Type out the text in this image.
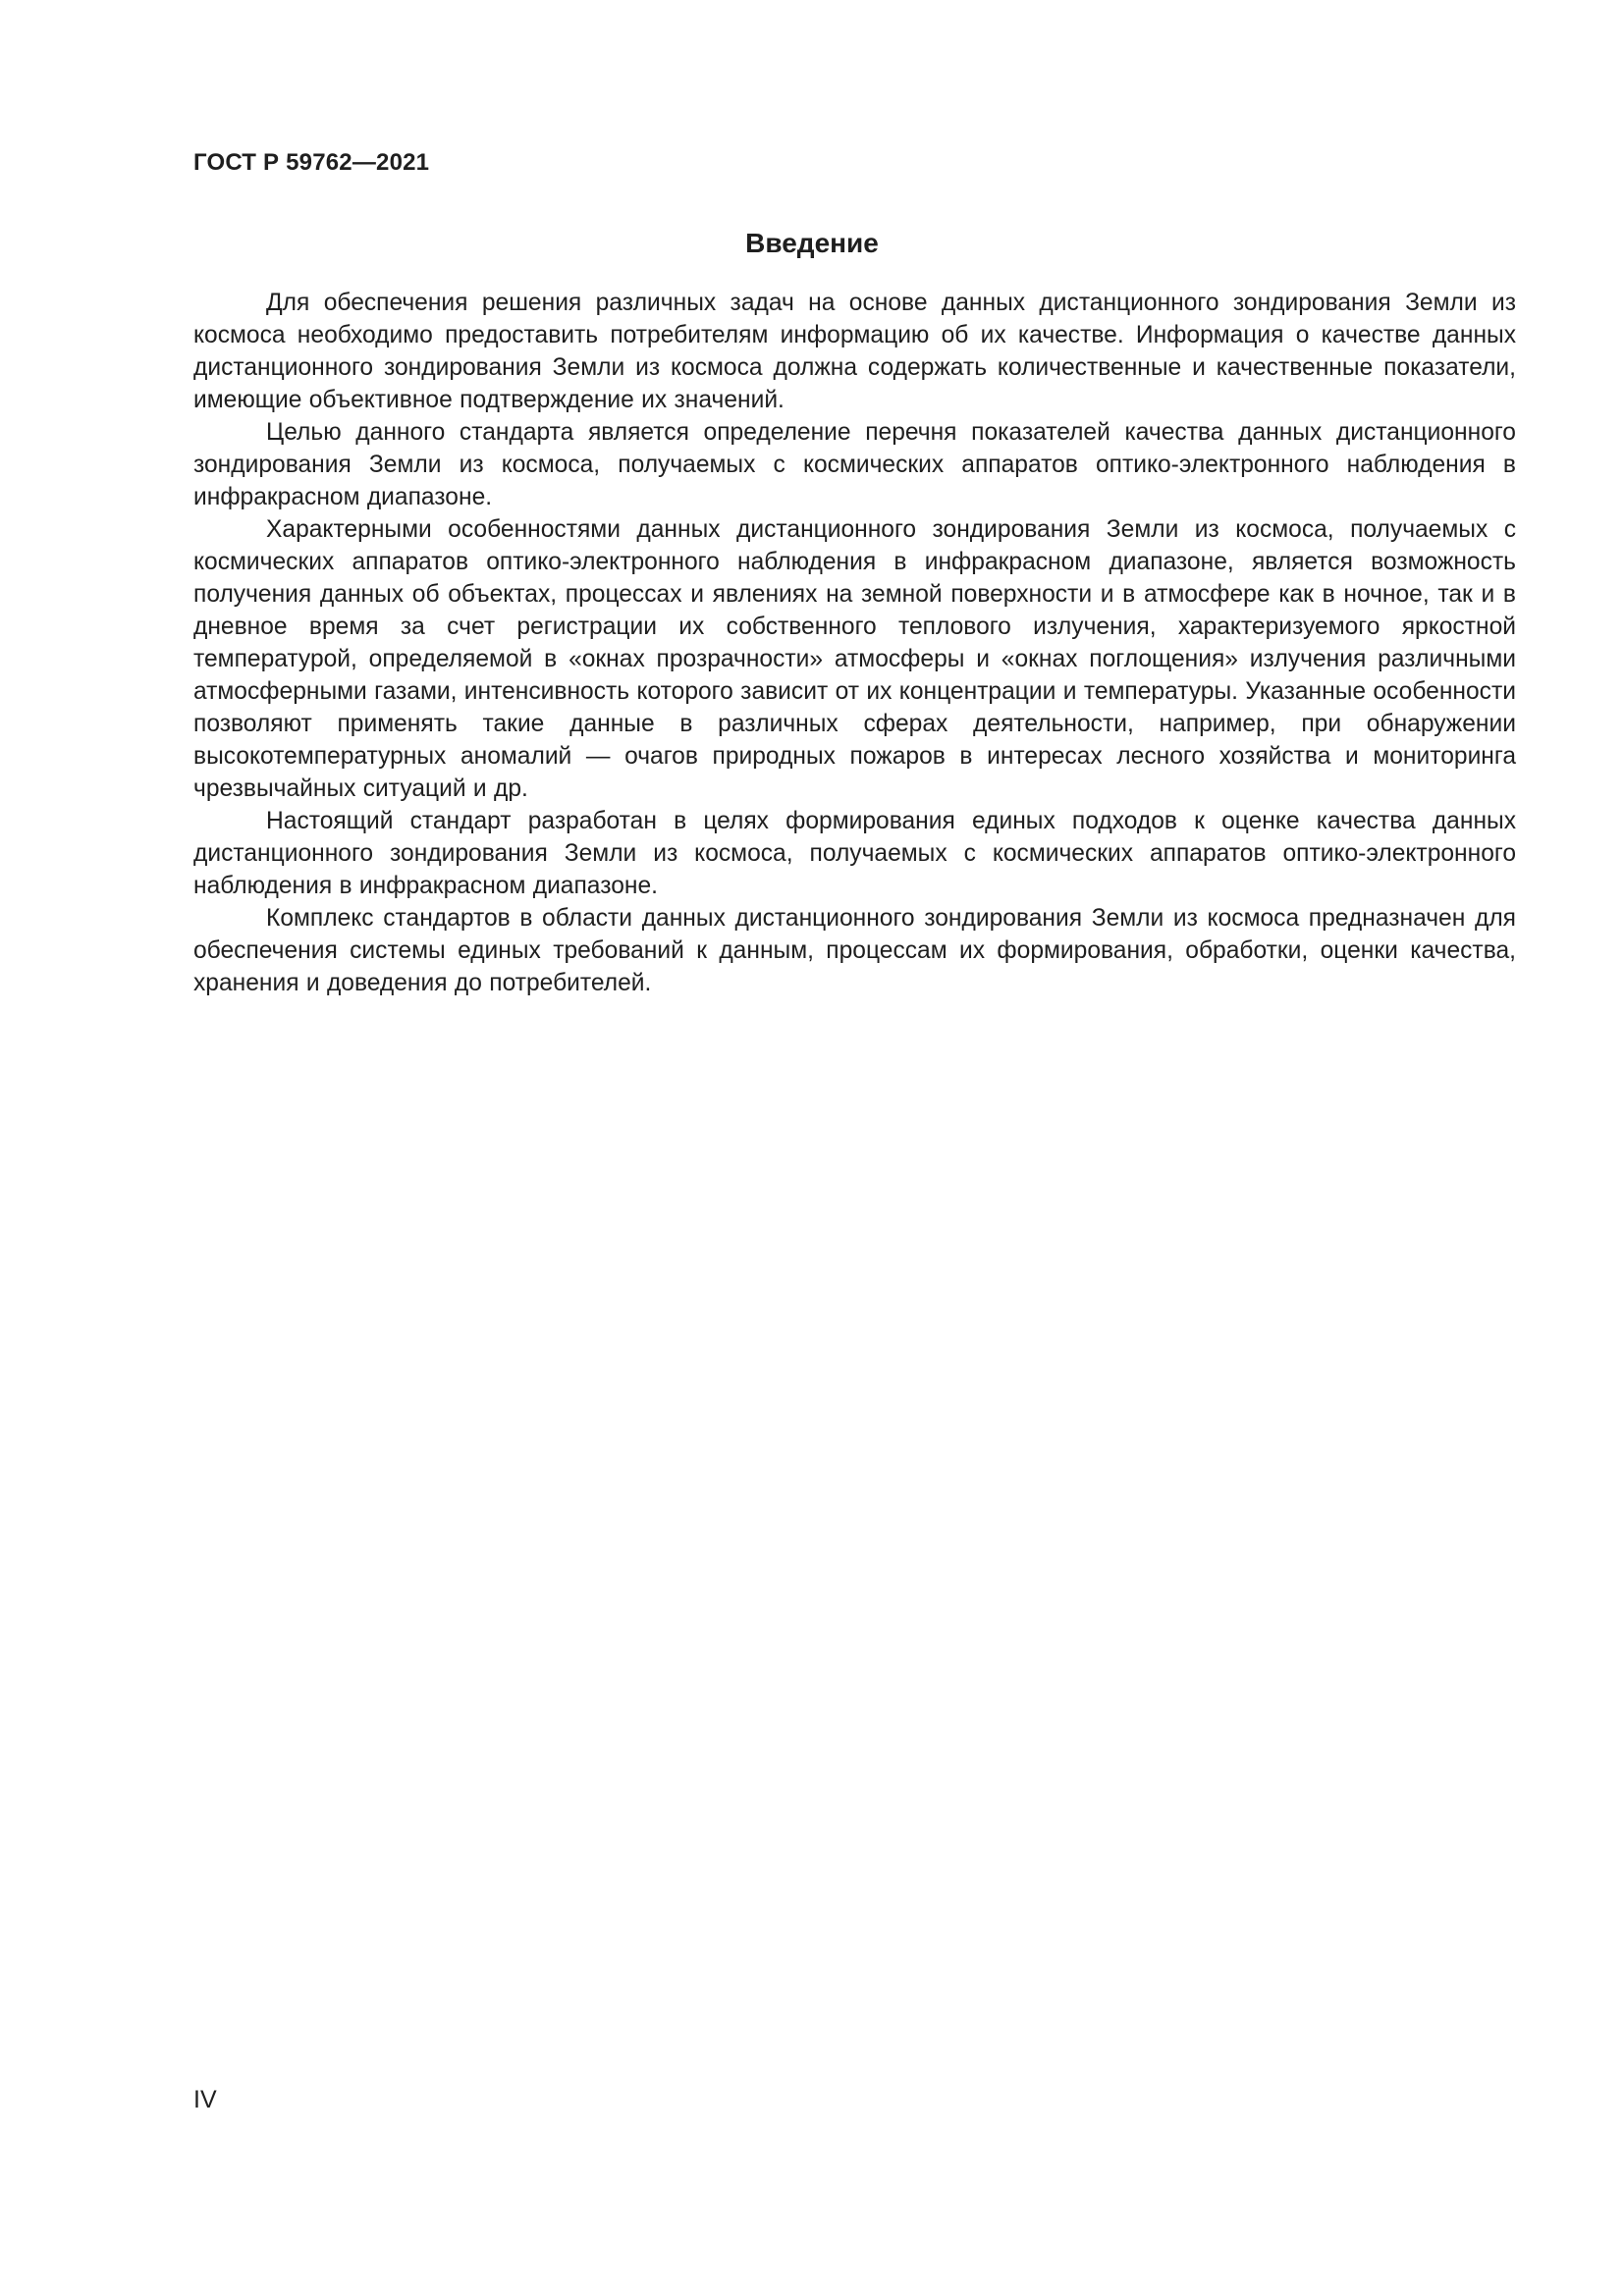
ГОСТ Р 59762—2021
Введение

Для обеспечения решения различных задач на основе данных дистанционного зондирования Земли из космоса необходимо предоставить потребителям информацию об их качестве. Информация о качестве данных дистанционного зондирования Земли из космоса должна содержать количественные и качественные показатели, имеющие объективное подтверждение их значений.

Целью данного стандарта является определение перечня показателей качества данных дистанционного зондирования Земли из космоса, получаемых с космических аппаратов оптико-электронного наблюдения в инфракрасном диапазоне.

Характерными особенностями данных дистанционного зондирования Земли из космоса, получаемых с космических аппаратов оптико-электронного наблюдения в инфракрасном диапазоне, является возможность получения данных об объектах, процессах и явлениях на земной поверхности и в атмосфере как в ночное, так и в дневное время за счет регистрации их собственного теплового излучения, характеризуемого яркостной температурой, определяемой в «окнах прозрачности» атмосферы и «окнах поглощения» излучения различными атмосферными газами, интенсивность которого зависит от их концентрации и температуры. Указанные особенности позволяют применять такие данные в различных сферах деятельности, например, при обнаружении высокотемпературных аномалий — очагов природных пожаров в интересах лесного хозяйства и мониторинга чрезвычайных ситуаций и др.

Настоящий стандарт разработан в целях формирования единых подходов к оценке качества данных дистанционного зондирования Земли из космоса, получаемых с космических аппаратов оптико-электронного наблюдения в инфракрасном диапазоне.

Комплекс стандартов в области данных дистанционного зондирования Земли из космоса предназначен для обеспечения системы единых требований к данным, процессам их формирования, обработки, оценки качества, хранения и доведения до потребителей.

IV
